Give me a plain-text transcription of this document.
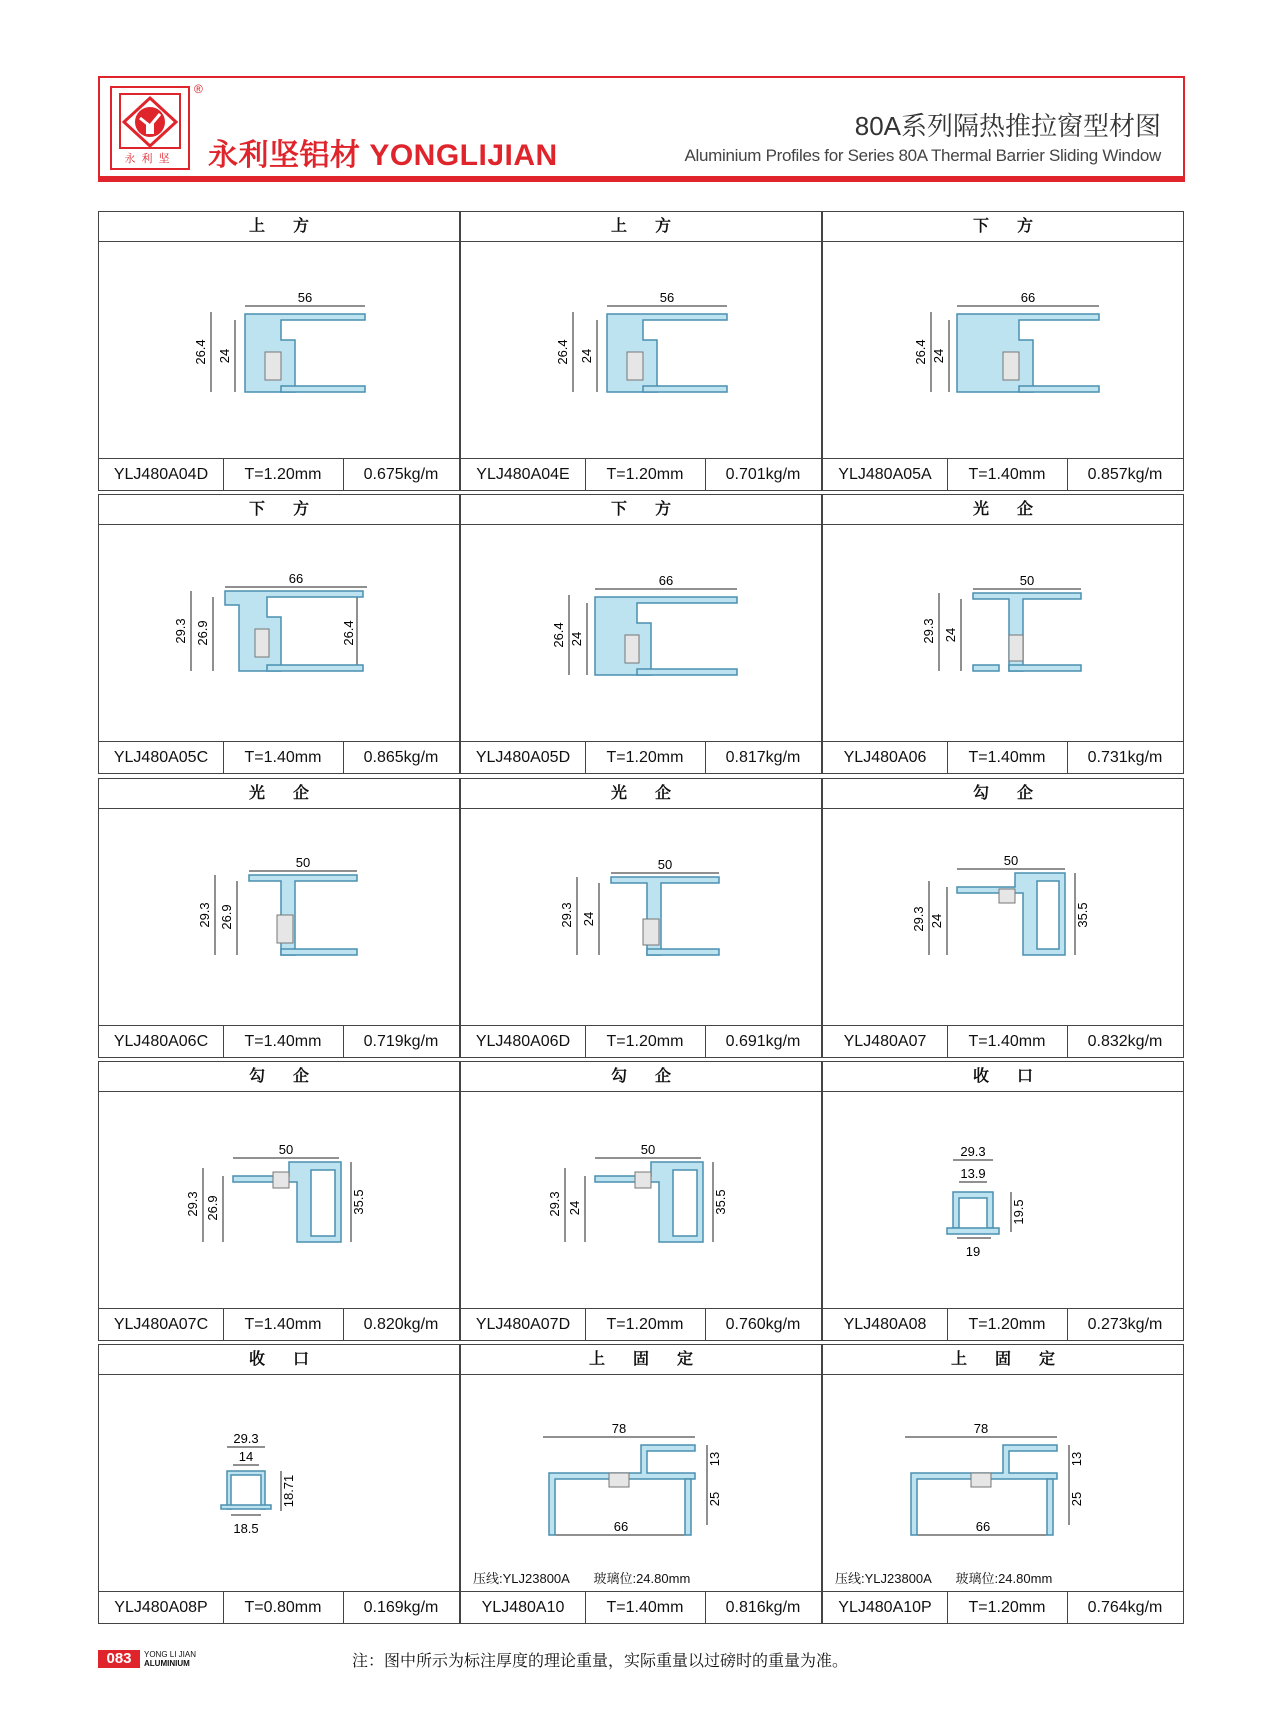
永利坚
®
永利坚铝材 YONGLIJIAN
80A系列隔热推拉窗型材图
Aluminium Profiles for Series 80A Thermal Barrier Sliding Window
上方
56
26.4 24
YLJ480A04D	T=1.20mm	0.675kg/m
上方
56
26.4 24
YLJ480A04E	T=1.20mm	0.701kg/m
下方
66
26.4 24
YLJ480A05A	T=1.40mm	0.857kg/m
下方
66
29.3 26.9	26.4
YLJ480A05C	T=1.40mm	0.865kg/m
下方
66
26.4 24
YLJ480A05D	T=1.20mm	0.817kg/m
光企
50
29.3 24
YLJ480A06	T=1.40mm	0.731kg/m
光企
50
29.3 26.9
YLJ480A06C	T=1.40mm	0.719kg/m
光企
50
29.3 24
YLJ480A06D	T=1.20mm	0.691kg/m
勾企
50
29.3 24	35.5
YLJ480A07	T=1.40mm	0.832kg/m
勾企
50
29.3 26.9	35.5
YLJ480A07C	T=1.40mm	0.820kg/m
勾企
50
29.3 24	35.5
YLJ480A07D	T=1.20mm	0.760kg/m
收口
29.3
13.9
19.5
19
YLJ480A08	T=1.20mm	0.273kg/m
收口
29.3
14
18.71
18.5
YLJ480A08P	T=0.80mm	0.169kg/m
上固定
78
13
25
66
压线:YLJ23800A 玻璃位:24.80mm
YLJ480A10	T=1.40mm	0.816kg/m
上固定
78
13
25
66
压线:YLJ23800A 玻璃位:24.80mm
YLJ480A10P	T=1.20mm	0.764kg/m
083	YONG LI JIAN
ALUMINIUM	注：图中所示为标注厚度的理论重量，实际重量以过磅时的重量为准。
